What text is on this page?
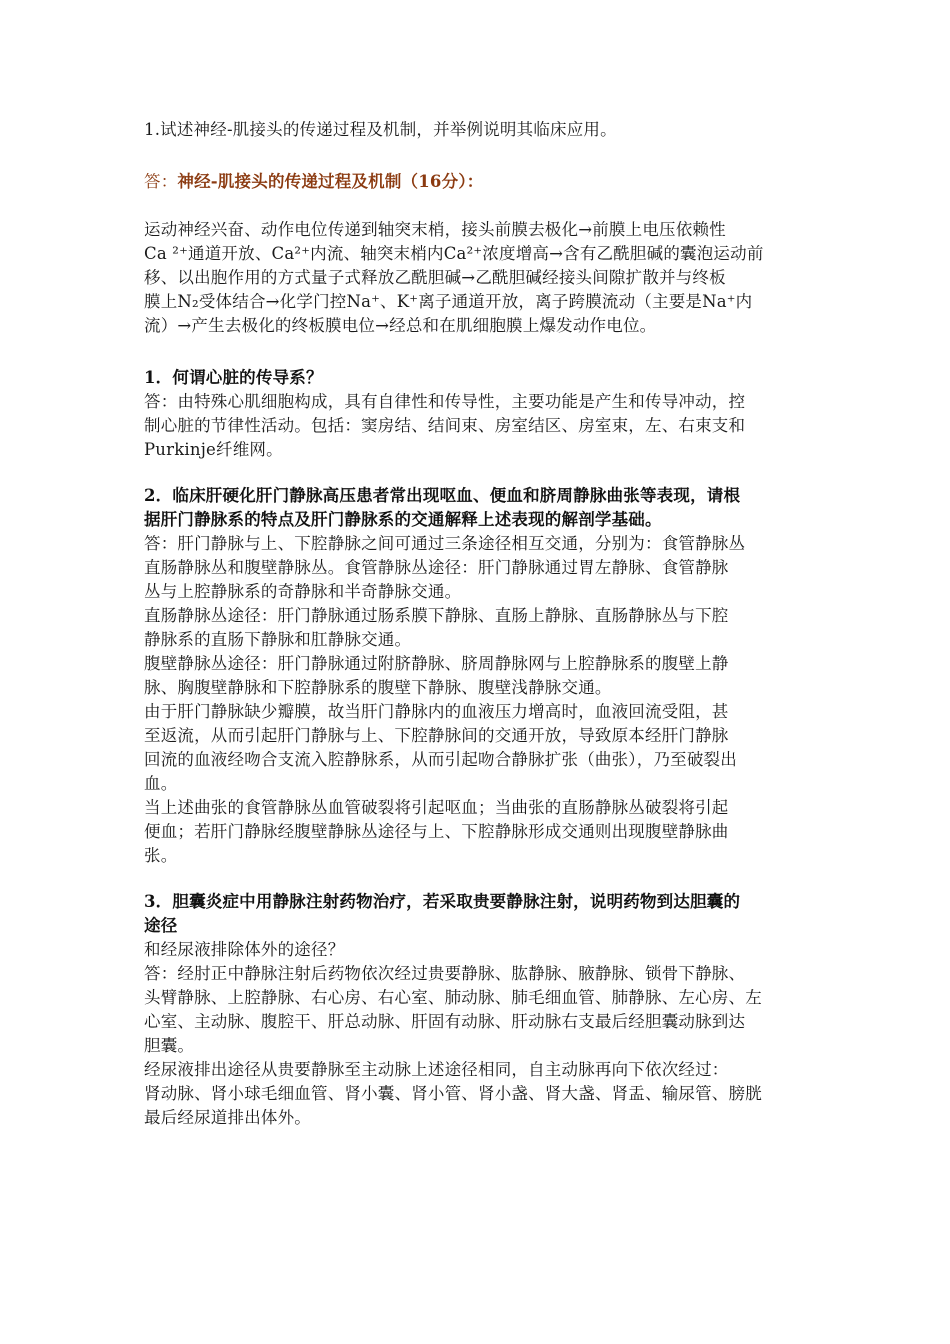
1.试述神经-肌接头的传递过程及机制，并举例说明其临床应用。
答：神经-肌接头的传递过程及机制（16分）：
运动神经兴奋、动作电位传递到轴突末梢，接头前膜去极化→前膜上电压依赖性
Ca ²⁺通道开放、Ca²⁺内流、轴突末梢内Ca²⁺浓度增高→含有乙酰胆碱的囊泡运动前
移、以出胞作用的方式量子式释放乙酰胆碱→乙酰胆碱经接头间隙扩散并与终板
膜上N₂受体结合→化学门控Na⁺、K⁺离子通道开放，离子跨膜流动（主要是Na⁺内
流）→产生去极化的终板膜电位→经总和在肌细胞膜上爆发动作电位。
1．何谓心脏的传导系？
答：由特殊心肌细胞构成，具有自律性和传导性，主要功能是产生和传导冲动，控
制心脏的节律性活动。包括：窦房结、结间束、房室结区、房室束，左、右束支和
Purkinje纤维网。
2．临床肝硬化肝门静脉高压患者常出现呕血、便血和脐周静脉曲张等表现，请根
据肝门静脉系的特点及肝门静脉系的交通解释上述表现的解剖学基础。
答：肝门静脉与上、下腔静脉之间可通过三条途径相互交通，分别为：食管静脉丛
直肠静脉丛和腹壁静脉丛。食管静脉丛途径：肝门静脉通过胃左静脉、食管静脉
丛与上腔静脉系的奇静脉和半奇静脉交通。
直肠静脉丛途径：肝门静脉通过肠系膜下静脉、直肠上静脉、直肠静脉丛与下腔
静脉系的直肠下静脉和肛静脉交通。
腹壁静脉丛途径：肝门静脉通过附脐静脉、脐周静脉网与上腔静脉系的腹壁上静
脉、胸腹壁静脉和下腔静脉系的腹壁下静脉、腹壁浅静脉交通。
由于肝门静脉缺少瓣膜，故当肝门静脉内的血液压力增高时，血液回流受阻，甚
至返流，从而引起肝门静脉与上、下腔静脉间的交通开放，导致原本经肝门静脉
回流的血液经吻合支流入腔静脉系，从而引起吻合静脉扩张（曲张），乃至破裂出
血。
当上述曲张的食管静脉丛血管破裂将引起呕血；当曲张的直肠静脉丛破裂将引起
便血；若肝门静脉经腹壁静脉丛途径与上、下腔静脉形成交通则出现腹壁静脉曲
张。
3．胆囊炎症中用静脉注射药物治疗，若采取贵要静脉注射，说明药物到达胆囊的
途径
和经尿液排除体外的途径？
答：经肘正中静脉注射后药物依次经过贵要静脉、肱静脉、腋静脉、锁骨下静脉、
头臂静脉、上腔静脉、右心房、右心室、肺动脉、肺毛细血管、肺静脉、左心房、左
心室、主动脉、腹腔干、肝总动脉、肝固有动脉、肝动脉右支最后经胆囊动脉到达
胆囊。
经尿液排出途径从贵要静脉至主动脉上述途径相同，自主动脉再向下依次经过：
肾动脉、肾小球毛细血管、肾小囊、肾小管、肾小盏、肾大盏、肾盂、输尿管、膀胱
最后经尿道排出体外。
